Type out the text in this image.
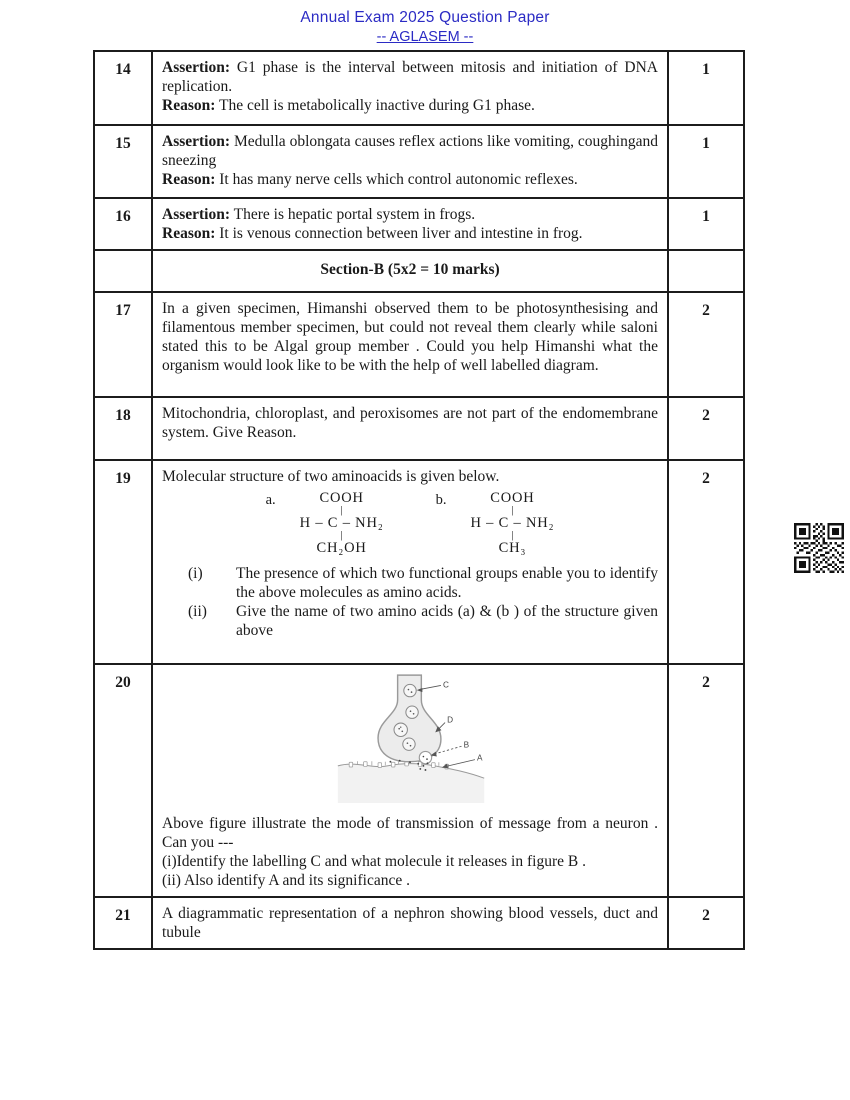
Annual Exam 2025 Question Paper
-- AGLASEM --
14	Assertion: G1 phase is the interval between mitosis and initiation of DNA replication.
Reason: The cell is metabolically inactive during G1 phase.	1
15	Assertion: Medulla oblongata causes reflex actions like vomiting, coughingand sneezing
Reason: It has many nerve cells which control autonomic reflexes.	1
16	Assertion: There is hepatic portal system in frogs.
Reason: It is venous connection between liver and intestine in frog.	1
	Section-B (5x2 = 10 marks)	
17	In a given specimen, Himanshi observed them to be photosynthesising and filamentous member specimen, but could not reveal them clearly while saloni stated this to be Algal group member . Could you help Himanshi what the organism would look like to be with the help of well labelled diagram.	2
18	Mitochondria, chloroplast, and peroxisomes are not part of the endomembrane system. Give Reason.	2
19	Molecular structure of two aminoacids is given below.
a.	COOH
|
H – C – NH₂
|
CH₂OH
b.	COOH
|
H – C – NH₂
|
CH₃
(i)	The presence of which two functional groups enable you to identify the above molecules as amino acids.
(ii)	Give the name of two amino acids (a) & (b ) of the structure given above
	2
20	C
D
B
A
Above figure illustrate the mode of transmission of message from a neuron . Can you ---
(i)Identify the labelling C and what molecule it releases in figure B .
(ii) Also identify A and its significance .
	2
21	A diagrammatic representation of a nephron showing blood vessels, duct and tubule	2
